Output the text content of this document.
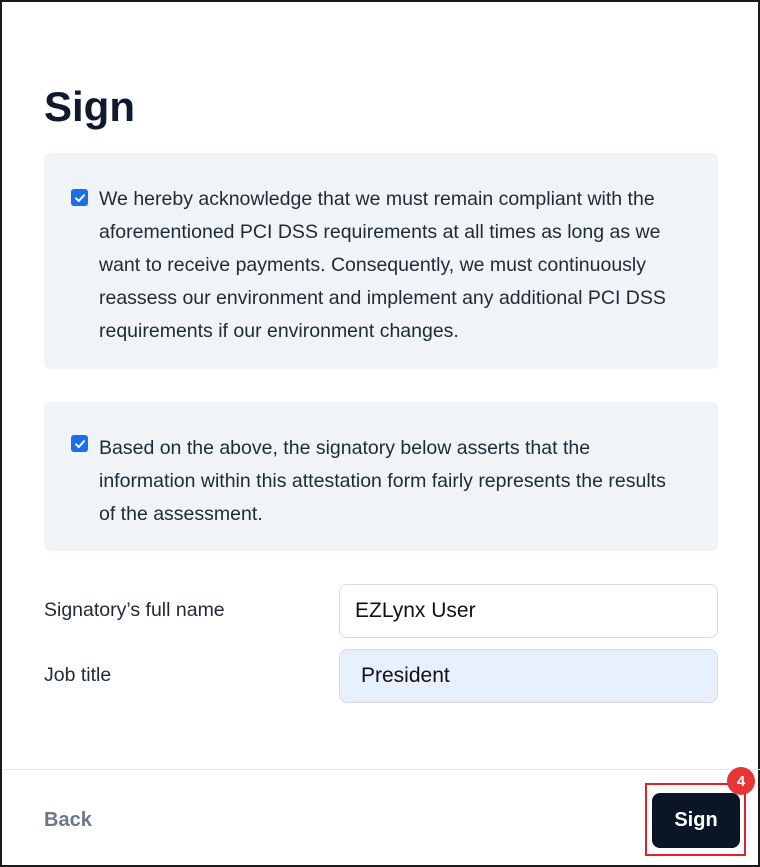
Sign

We hereby acknowledge that we must remain compliant with the aforementioned PCI DSS requirements at all times as long as we want to receive payments. Consequently, we must continuously reassess our environment and implement any additional PCI DSS requirements if our environment changes.

Based on the above, the signatory below asserts that the information within this attestation form fairly represents the results of the assessment.

Signatory’s full name
EZLynx User
Job title
President
Back	Sign
4
